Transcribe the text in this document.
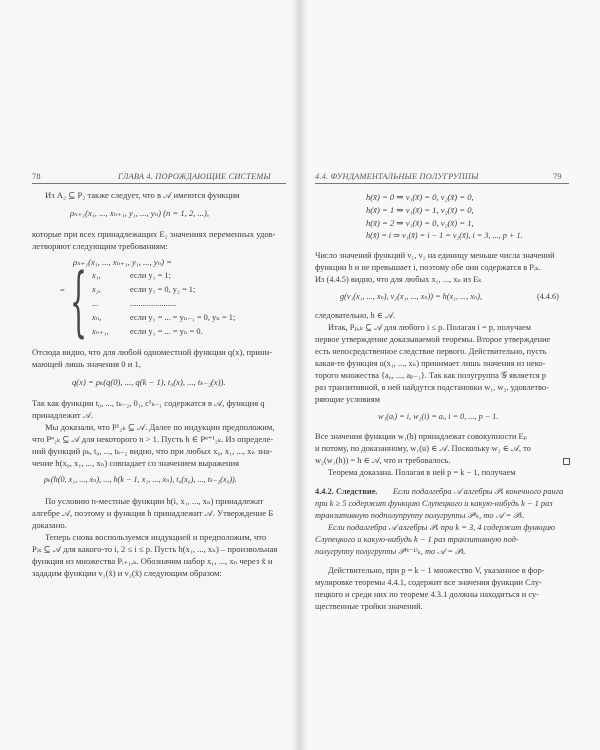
78	ГЛАВА 4. ПОРОЖДАЮЩИЕ СИСТЕМЫ
Из A₂ ⊆ P₂ также следует, что в 𝒜 имеются функции
ρₙ₊₁(x₁, ..., xₙ₊₁, y₁, ..., yₙ) (n = 1, 2, ...),
которые при всех принадлежащих E₂ значениях переменных удов-
летворяют следующим требованиям:
ρₙ₊₁(x₁, ..., xₙ₊₁, y₁, ..., yₙ) =
= { x₁,	если y₁ = 1;
x₂,	если y₁ = 0, y₂ = 1;
...	......................
xₙ,	если y₁ = ... = yₙ₋₁ = 0, yₙ = 1;
xₙ₊₁,	если y₁ = ... = yₙ = 0.
Отсюда видно, что для любой одноместной функции q(x), прини-
мающей лишь значения 0 и 1,
q(x) = ρₖ(q(0), ..., q(k − 1), t₀(x), ..., tₖ₋₂(x)).
Так как функции t₀, ..., tₖ₋₂, 0₁, c¹ₖ₋₁ содержатся в 𝒜, функция q
принадлежит 𝒜.
Мы доказали, что P¹₂ₖ ⊆ 𝒜. Далее по индукции предположим,
что Pⁿ₂ₖ ⊆ 𝒜 для некоторого n > 1. Пусть h ∈ Pⁿ⁺¹₂ₖ. Из определе-
ний функций ρₖ, t₀, ..., tₖ₋₂ видно, что при любых x₀, x₁, ..., xₙ зна-
чение h(x₀, x₁, ..., xₙ) совпадает со значением выражения
ρₖ(h(0, x₁, ..., xₙ), ..., h(k − 1, x₁, ..., xₙ), t₀(x₀), ..., tₖ₋₂(x₀)).
По условию n-местные функции h(i, x₁, ..., xₙ) принадлежат
алгебре 𝒜, поэтому и функция h принадлежит 𝒜. Утверждение Б
доказано.
Теперь снова воспользуемся индукцией и предположим, что
Pᵢₖ ⊆ 𝒜 для какого-то i, 2 ≤ i ≤ p. Пусть h(x₁, ..., xₙ) – произвольная
функция из множества Pᵢ₊₁,ₖ. Обозначим набор x₁, ..., xₙ через x̃ и
зададим функции v₁(x̃) и v₂(x̃) следующим образом:
4.4. ФУНДАМЕНТАЛЬНЫЕ ПОЛУГРУППЫ	79
h(x̃) = 0 ⇒ v₁(x̃) = 0, v₂(x̃) = 0,
h(x̃) = 1 ⇒ v₁(x̃) = 1, v₂(x̃) = 0,
h(x̃) = 2 ⇒ v₁(x̃) = 0, v₂(x̃) = 1,
h(x̃) = i ⇒ v₁(x̃) = i − 1 = v₂(x̃), i = 3, ..., p + 1.
Число значений функций v₁, v₂ на единицу меньше числа значений
функции h и не превышает i, поэтому обе они содержатся в Pᵢₖ.
Из (4.4.5) видно, что для любых x₁, ..., xₙ из Eₖ
g(v₁(x₁, ..., xₙ), v₂(x₁, ..., xₙ)) = h(x₁, ..., xₙ),	(4.4.6)
следовательно, h ∈ 𝒜.
Итак, Pₚ,ₖ ⊆ 𝒜 для любого i ≤ p. Полагая i = p, получаем
первое утверждение доказываемой теоремы. Второе утверждение
есть непосредственное следствие первого. Действительно, пусть
какая-то функция u(x₁, ..., xₙ) принимает лишь значения из неко-
торого множества {a₀, ..., aₚ₋₁}. Так как полугруппа 𝒢 является p
раз транзитивной, в ней найдутся подстановки w₁, w₂, удовлетво-
ряющие условиям
w₁(aᵢ) = i, w₂(i) = aᵢ, i = 0, ..., p − 1.
Все значения функции w₁(h) принадлежат совокупности Eₚ
и потому, по доказанному, w₁(u) ∈ 𝒜. Поскольку w₂ ∈ 𝒜, то
w₂(w₁(h)) = h ∈ 𝒜, что и требовалось.
Теорема доказана. Полагая в ней p = k − 1, получаем
4.4.2. Следствие. Если подалгебра 𝒜 алгебры 𝒫ₖ конечного ранга
при k ≥ 5 содержит функцию Слупецкого и какую-нибудь k − 1 раз
транзитивную подполупруппу полугруппы 𝒫¹ₖ, то 𝒜 = 𝒫ₖ.
Если подалгебра 𝒜 алгебры 𝒫ₖ при k = 3, 4 содержит функцию
Слупецкого и какую-нибудь k − 1 раз транзитивную под-
полугруппу полугруппы 𝒫⁽ᵏ⁻¹⁾ₖ, то 𝒜 = 𝒫ₖ.
Действительно, при p = k − 1 множество V, указанное в фор-
мулировке теоремы 4.4.1, содержит все значения функции Слу-
пецкого и среди них по теореме 4.3.1 должны находиться и су-
щественные тройки значений.
